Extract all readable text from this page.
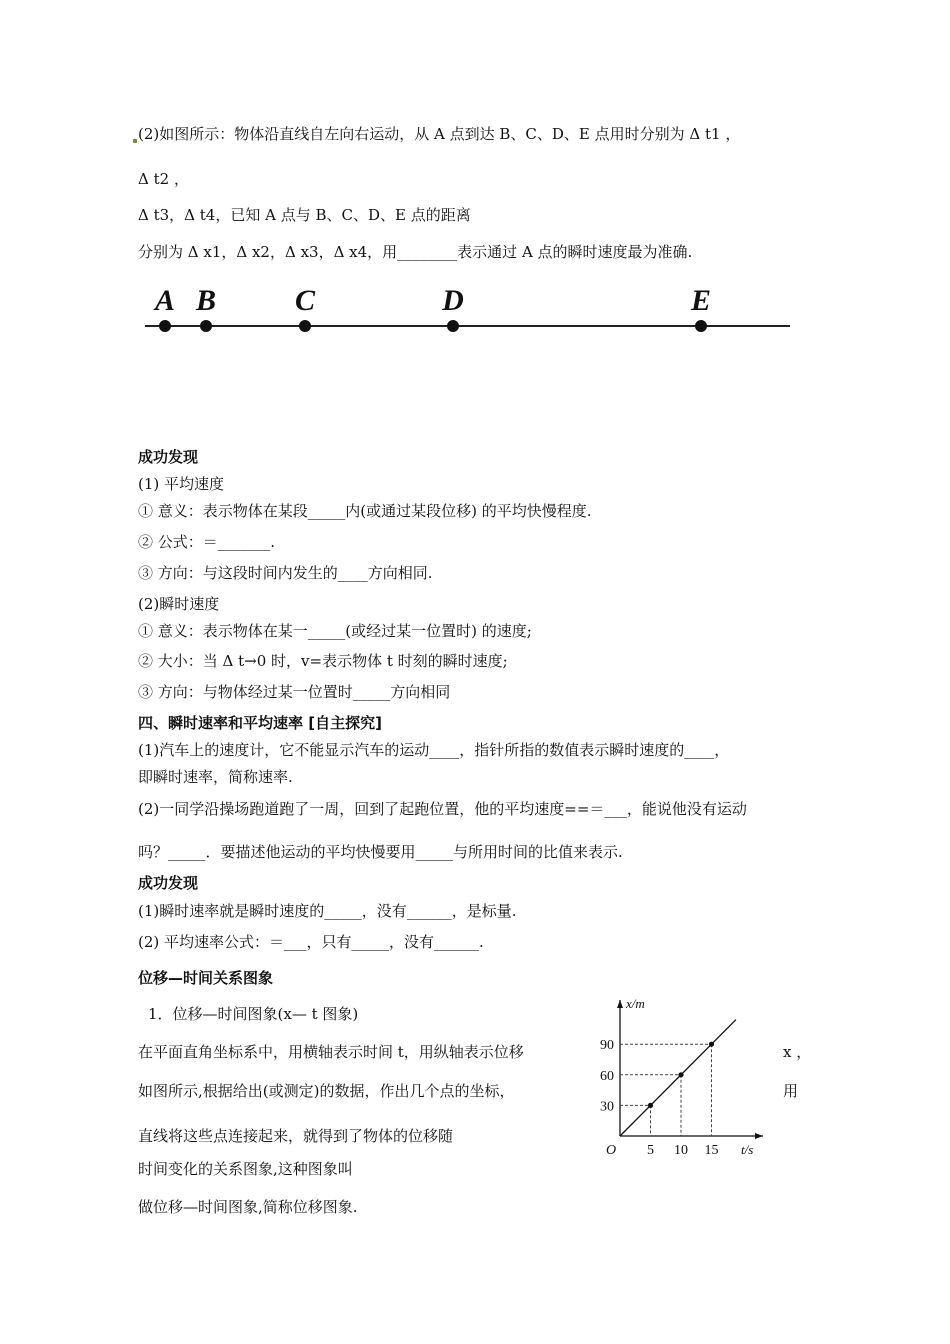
(2)如图所示：物体沿直线自左向右运动，从 A 点到达 B、C、D、E 点用时分别为 Δ t1 ，
Δ t2 ，
Δ t3，Δ t4，已知 A 点与 B、C、D、E 点的距离
分别为 Δ x1，Δ x2，Δ x3，Δ x4，用________表示通过 A 点的瞬时速度最为准确.
A B	C	D	E
成功发现
(1) 平均速度
① 意义：表示物体在某段_____内(或通过某段位移) 的平均快慢程度.
② 公式：＝_______.
③ 方向：与这段时间内发生的____方向相同.
(2)瞬时速度
① 意义：表示物体在某一_____(或经过某一位置时) 的速度;
② 大小：当 Δ t→0 时，v=表示物体 t 时刻的瞬时速度;
③ 方向：与物体经过某一位置时_____方向相同
四、瞬时速率和平均速率 [自主探究]
(1)汽车上的速度计，它不能显示汽车的运动____，指针所指的数值表示瞬时速度的____，
即瞬时速率，简称速率.
(2)一同学沿操场跑道跑了一周，回到了起跑位置，他的平均速度==＝___，能说他没有运动
吗？_____．要描述他运动的平均快慢要用_____与所用时间的比值来表示.
成功发现
(1)瞬时速率就是瞬时速度的_____，没有______，是标量.
(2) 平均速率公式：＝___，只有_____，没有______.
位移—时间关系图象
1．位移—时间图象(x— t 图象)
在平面直角坐标系中，用横轴表示时间 t，用纵轴表示位移
如图所示,根据给出(或测定)的数据，作出几个点的坐标，
直线将这些点连接起来，就得到了物体的位移随
时间变化的关系图象,这种图象叫
做位移—时间图象,简称位移图象.
x ，
用
x/m
t/s
O 5 10 15
30
60
90
